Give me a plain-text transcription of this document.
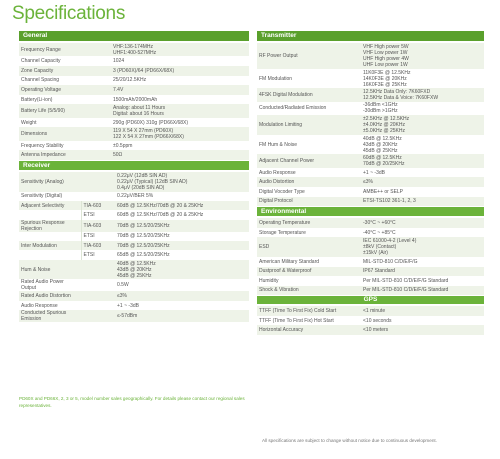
Specifications
General
Frequency Range	VHF:136-174MHz
UHF1:400-527MHz

Channel Capacity	1024

Zone Capacity	3 (PD60X)/64 (PD66X/68X)

Channel Spacing	25/20/12.5KHz

Operating Voltage	7.4V

Battery(Li-ion)	1500mAh/2000mAh

Battery Life (5/5/90)	Analog: about 11 Hours
Digital: about 16 Hours

Weight	290g (PD60X) 310g (PD66X/68X)

Dimensions	119 X 54 X 27mm (PD60X)
122 X 54 X 27mm (PD66X/68X)

Frequency Stability	±0.5ppm

Antenna Impedance	50Ω
Receiver
Sensitivity (Analog)		0.22μV (12dB SIN AD)
0.22μV (Typical) (12dB SIN AD)
0.4μV (20dB SIN AD)

Sensitivity (Digital)		0.22μV/BER 5%

Adjacent Selectivity	TIA-603	60dB @ 12.5KHz/70dB @ 20 & 25KHz

	ETSI	60dB @ 12.5KHz/70dB @ 20 & 25KHz

Spurious Response Rejection	TIA-603	70dB @ 12.5/20/25KHz

	ETSI	70dB @ 12.5/20/25KHz

Inter Modulation	TIA-603	70dB @ 12.5/20/25KHz

	ETSI	65dB @ 12.5/20/25KHz

Hum & Noise		40dB @ 12.5KHz
43dB @ 20KHz
45dB @ 25KHz

Rated Audio Power Output		0.5W

Rated Audio Distortion		≤3%

Audio Response		+1 ~ -3dB

Conducted Spurious Emission		≤-57dBm
PD60X and PD66X, 2, 3 or 5, model number sales geographically. For details please contact our regional sales representatives.
Transmitter
RF Power Output	VHF High power 5W
VHF Low power 1W
UHF High power 4W
UHF Low power 1W

FM Modulation	11K0F3E @ 12.5KHz
14K0F3E @ 20KHz
16K0F3E @ 25KHz

4FSK Digital Modulation	12.5KHz Data Only: 7K60FXD
12.5KHz Data & Voice: 7K60FXW

Conducted/Radiated Emission	-36dBm <1GHz
-30dBm >1GHz

Modulation Limiting	±2.5KHz @ 12.5KHz
±4.0KHz @ 20KHz
±5.0KHz @ 25KHz

FM Hum & Noise	40dB @ 12.5KHz
43dB @ 20KHz
45dB @ 25KHz

Adjacent Channel Power	60dB @ 12.5KHz
70dB @ 20/25KHz

Audio Response	+1 ~ -3dB

Audio Distortion	≤3%

Digital Vocoder Type	AMBE++ or SELP

Digital Protocol	ETSI-TS102 361-1, 2, 3
Environmental
Operating Temperature	-30°C ~ +60°C

Storage Temperature	-40°C ~ +85°C

ESD	IEC 61000-4-2 (Level 4)
±8kV (Contact)
±15kV (Air)

American Military Standard	MIL-STD-810 C/D/E/F/G

Dustproof & Waterproof	IP67 Standard

Humidity	Per MIL-STD-810 C/D/E/F/G Standard

Shock & Vibration	Per MIL-STD-810 C/D/E/F/G Standard
GPS
TTFF (Time To First Fix) Cold Start	<1 minute

TTFF (Time To First Fix) Hot Start	<10 seconds

Horizontal Accuracy	<10 meters
All specifications are subject to change without notice due to continuous development.
